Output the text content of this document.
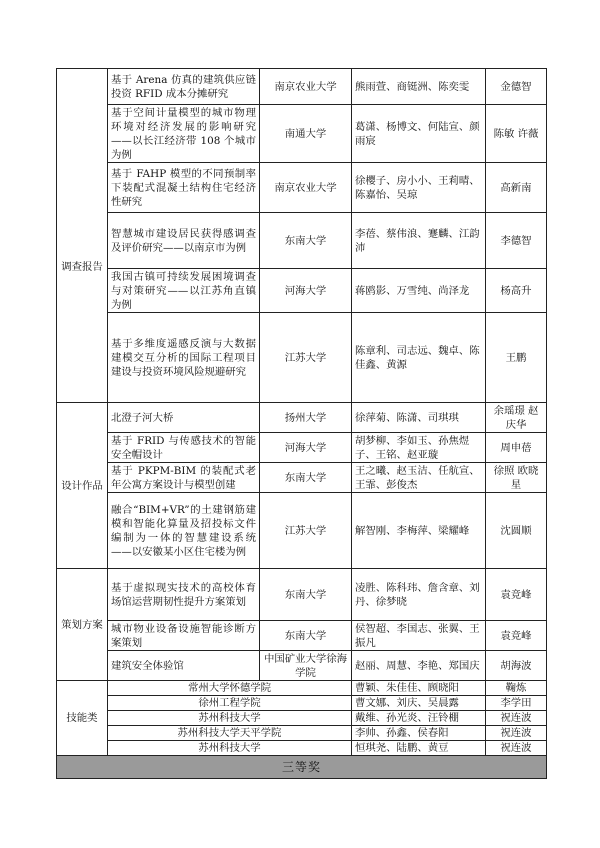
调查报告	基于 Arena 仿真的建筑供应链投资 RFID 成本分摊研究	南京农业大学	熊雨萱、商铤洲、陈奕雯	金德智
	基于空间计量模型的城市物理环境对经济发展的影响研究——以长江经济带 108 个城市为例	南通大学	葛潇、杨博文、何陆宣、颜雨宸	陈敏 许薇
	基于 FAHP 模型的不同预制率下装配式混凝土结构住宅经济性研究	南京农业大学	徐樱子、房小小、王莉晴、陈嘉怡、吴琼	高新南
	智慧城市建设居民获得感调查及评价研究——以南京市为例	东南大学	李蓓、蔡伟浪、蹇麟、江韵沛	李德智
	我国古镇可持续发展困境调查与对策研究——以江苏角直镇为例	河海大学	蒋鸥影、万雪纯、尚泽龙	杨高升
	基于多维度遥感反演与大数据建模交互分析的国际工程项目建设与投资环境风险规避研究	江苏大学	陈章利、司志远、魏卓、陈佳鑫、黄源	王鹏
设计作品	北澄子河大桥	扬州大学	徐萍菊、陈潇、司琪琪	余瑶璟 赵庆华
	基于 FRID 与传感技术的智能安全帽设计	河海大学	胡梦柳、李如玉、孙焦煜子、王铭、赵亚璇	周申蓓
	基于 PKPM-BIM 的装配式老年公寓方案设计与模型创建	东南大学	王之曦、赵玉洁、任航宣、王霏、彭俊杰	徐照 欧晓星
	融合“BIM+VR”的土建钢筋建模和智能化算量及招投标文件编制为一体的智慧建设系统——以安徽某小区住宅楼为例	江苏大学	解智刚、李梅萍、梁耀峰	沈圆顺
策划方案	基于虚拟现实技术的高校体育场馆运营期韧性提升方案策划	东南大学	凌胜、陈科玮、詹含章、刘丹、徐梦晓	袁竞峰
	城市物业设备设施智能诊断方案策划	东南大学	侯智超、李国志、张翼、王振凡	袁竞峰
	建筑安全体验馆	中国矿业大学徐海学院	赵丽、周慧、李艳、郑国庆	胡海波
技能类	常州大学怀德学院		曹颖、朱佳佳、顾晓阳	鞠炼
	徐州工程学院		曹文娜、刘庆、吴晨露	李学田
	苏州科技大学		戴维、孙光炎、汪铃棚	祝连波
	苏州科技大学天平学院		李帅、孙鑫、侯春阳	祝连波
	苏州科技大学		恒琪尧、陆鹏、黄豆	祝连波
三等奖				
